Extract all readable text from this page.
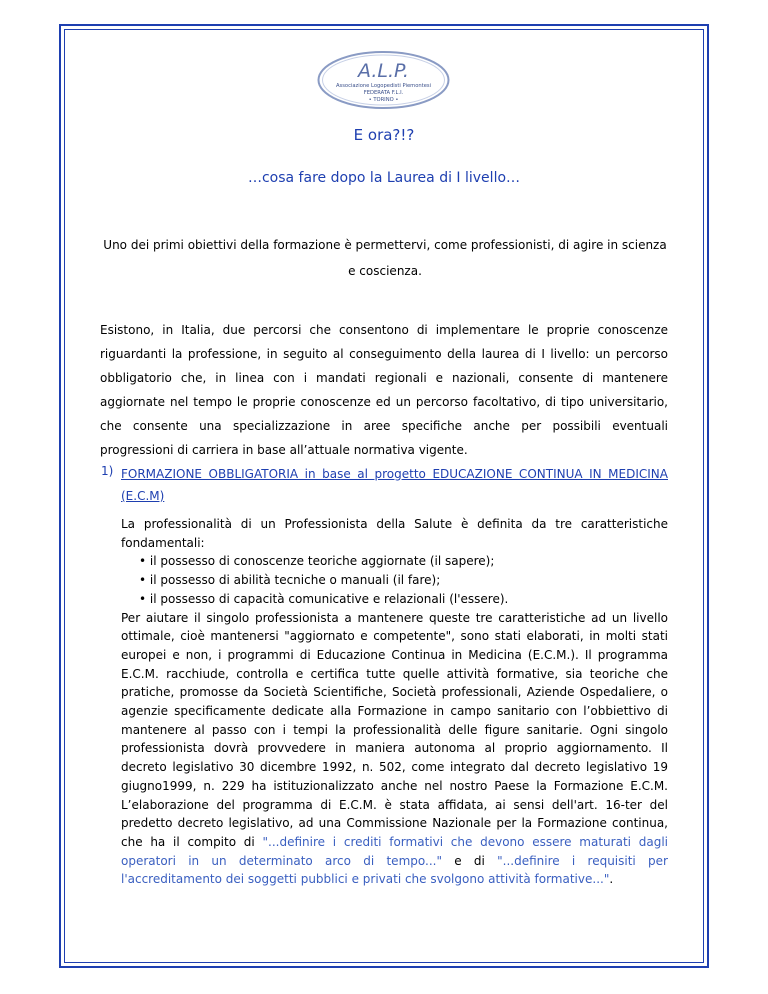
A.L.P.
Associazione Logopedisti Piemontesi
FEDERATA F.L.I.
• TORINO •
E ora?!?
…cosa fare dopo la Laurea di I livello…
Uno dei primi obiettivi della formazione è permettervi, come professionisti, di agire in scienza e coscienza.
Esistono, in Italia, due percorsi che consentono di implementare le proprie conoscenze riguardanti la professione, in seguito al conseguimento della laurea di I livello: un percorso obbligatorio che, in linea con i mandati regionali e nazionali, consente di mantenere aggiornate nel tempo le proprie conoscenze ed un percorso facoltativo, di tipo universitario, che consente una specializzazione in aree specifiche anche per possibili eventuali progressioni di carriera in base all’attuale normativa vigente.
1) FORMAZIONE OBBLIGATORIA in base al progetto EDUCAZIONE CONTINUA IN MEDICINA (E.C.M)

La professionalità di un Professionista della Salute è definita da tre caratteristiche fondamentali:

• il possesso di conoscenze teoriche aggiornate (il sapere);

• il possesso di abilità tecniche o manuali (il fare);

• il possesso di capacità comunicative e relazionali (l'essere).

Per aiutare il singolo professionista a mantenere queste tre caratteristiche ad un livello ottimale, cioè mantenersi "aggiornato e competente", sono stati elaborati, in molti stati europei e non, i programmi di Educazione Continua in Medicina (E.C.M.). Il programma E.C.M. racchiude, controlla e certifica tutte quelle attività formative, sia teoriche che pratiche, promosse da Società Scientifiche, Società professionali, Aziende Ospedaliere, o agenzie specificamente dedicate alla Formazione in campo sanitario con l’obbiettivo di mantenere al passo con i tempi la professionalità delle figure sanitarie. Ogni singolo professionista dovrà provvedere in maniera autonoma al proprio aggiornamento. Il decreto legislativo 30 dicembre 1992, n. 502, come integrato dal decreto legislativo 19 giugno1999, n. 229 ha istituzionalizzato anche nel nostro Paese la Formazione E.C.M. L’elaborazione del programma di E.C.M. è stata affidata, ai sensi dell'art. 16-ter del predetto decreto legislativo, ad una Commissione Nazionale per la Formazione continua, che ha il compito di "...definire i crediti formativi che devono essere maturati dagli operatori in un determinato arco di tempo..." e di "...definire i requisiti per l'accreditamento dei soggetti pubblici e privati che svolgono attività formative...".
